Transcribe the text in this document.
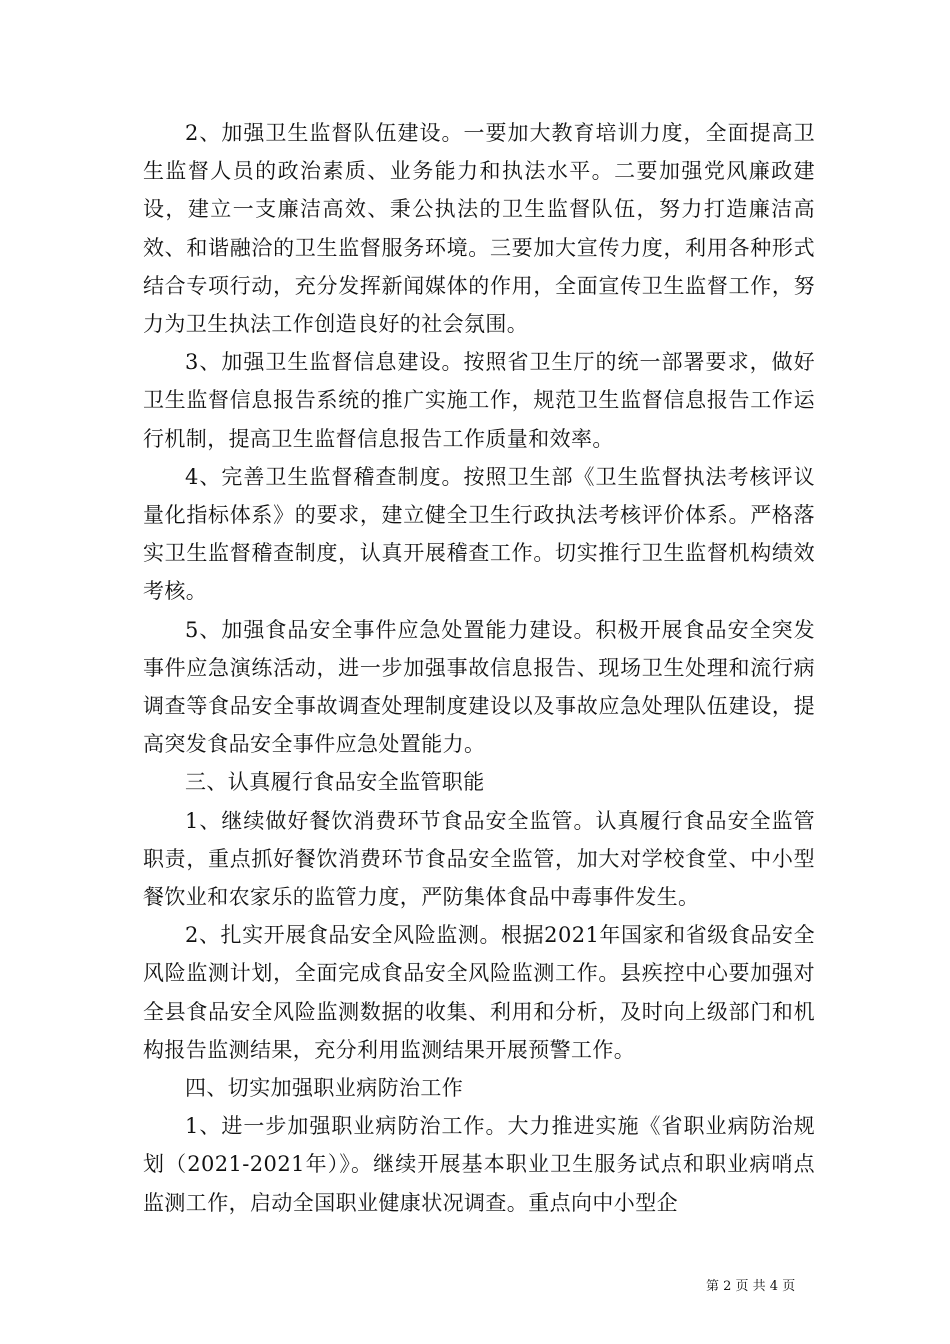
2、加强卫生监督队伍建设。一要加大教育培训力度，全面提高卫生监督人员的政治素质、业务能力和执法水平。二要加强党风廉政建设，建立一支廉洁高效、秉公执法的卫生监督队伍，努力打造廉洁高效、和谐融洽的卫生监督服务环境。三要加大宣传力度，利用各种形式结合专项行动，充分发挥新闻媒体的作用，全面宣传卫生监督工作，努力为卫生执法工作创造良好的社会氛围。

3、加强卫生监督信息建设。按照省卫生厅的统一部署要求，做好卫生监督信息报告系统的推广实施工作，规范卫生监督信息报告工作运行机制，提高卫生监督信息报告工作质量和效率。

4、完善卫生监督稽查制度。按照卫生部《卫生监督执法考核评议量化指标体系》的要求，建立健全卫生行政执法考核评价体系。严格落实卫生监督稽查制度，认真开展稽查工作。切实推行卫生监督机构绩效考核。

5、加强食品安全事件应急处置能力建设。积极开展食品安全突发事件应急演练活动，进一步加强事故信息报告、现场卫生处理和流行病调查等食品安全事故调查处理制度建设以及事故应急处理队伍建设，提高突发食品安全事件应急处置能力。

三、认真履行食品安全监管职能

1、继续做好餐饮消费环节食品安全监管。认真履行食品安全监管职责，重点抓好餐饮消费环节食品安全监管，加大对学校食堂、中小型餐饮业和农家乐的监管力度，严防集体食品中毒事件发生。

2、扎实开展食品安全风险监测。根据2021年国家和省级食品安全风险监测计划，全面完成食品安全风险监测工作。县疾控中心要加强对全县食品安全风险监测数据的收集、利用和分析，及时向上级部门和机构报告监测结果，充分利用监测结果开展预警工作。

四、切实加强职业病防治工作

1、进一步加强职业病防治工作。大力推进实施《省职业病防治规划（2021-2021年）》。继续开展基本职业卫生服务试点和职业病哨点监测工作，启动全国职业健康状况调查。重点向中小型企

第 2 页 共 4 页
